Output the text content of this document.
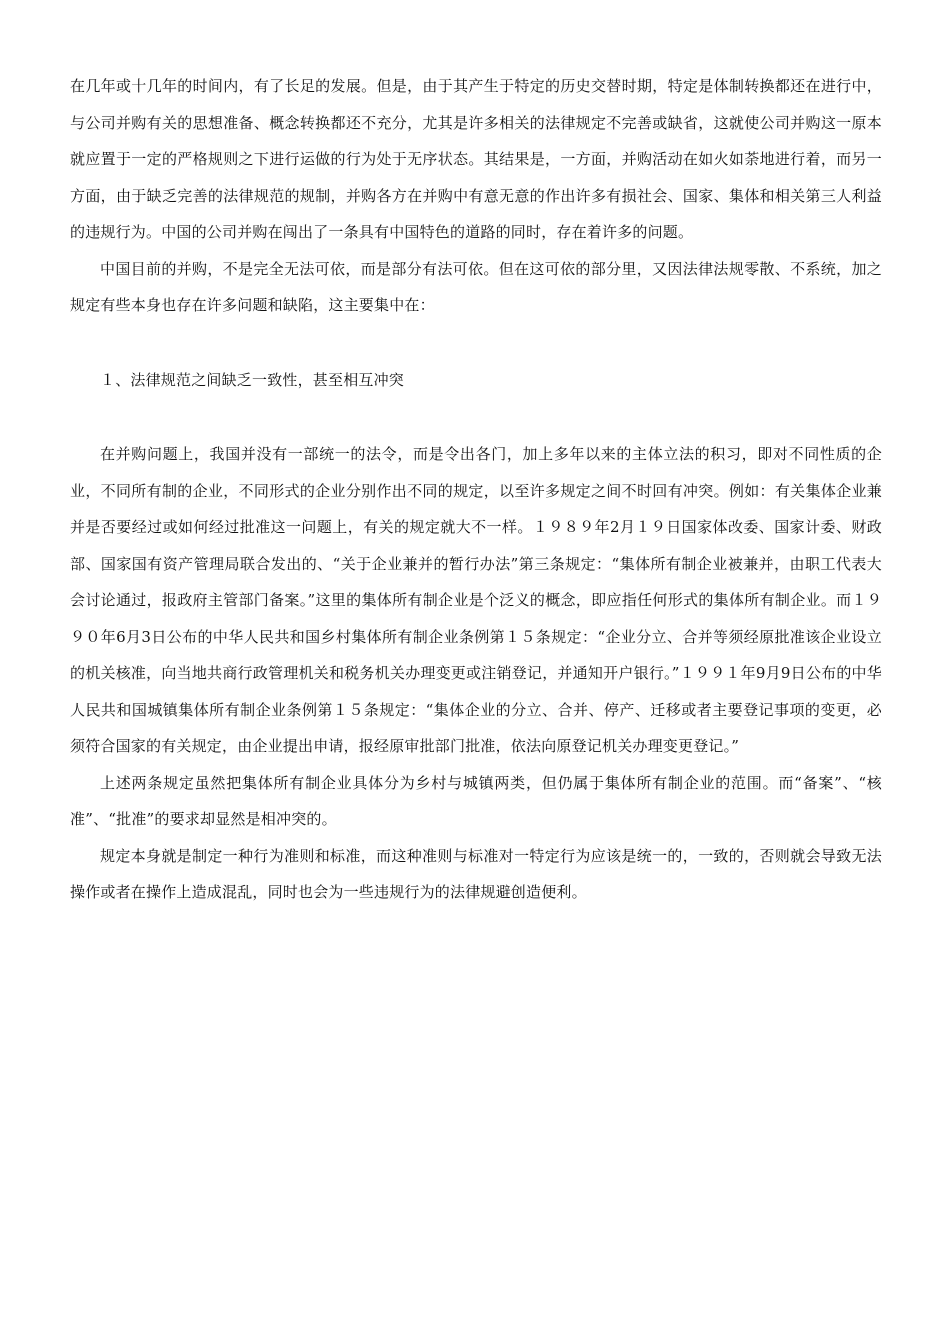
在几年或十几年的时间内，有了长足的发展。但是，由于其产生于特定的历史交替时期，特定是体制转换都还在进行中，与公司并购有关的思想准备、概念转换都还不充分，尤其是许多相关的法律规定不完善或缺省，这就使公司并购这一原本就应置于一定的严格规则之下进行运做的行为处于无序状态。其结果是，一方面，并购活动在如火如荼地进行着，而另一方面，由于缺乏完善的法律规范的规制，并购各方在并购中有意无意的作出许多有损社会、国家、集体和相关第三人利益的违规行为。中国的公司并购在闯出了一条具有中国特色的道路的同时，存在着许多的问题。

中国目前的并购，不是完全无法可依，而是部分有法可依。但在这可依的部分里，又因法律法规零散、不系统，加之规定有些本身也存在许多问题和缺陷，这主要集中在：

１、法律规范之间缺乏一致性，甚至相互冲突

在并购问题上，我国并没有一部统一的法令，而是令出各门，加上多年以来的主体立法的积习，即对不同性质的企业，不同所有制的企业，不同形式的企业分别作出不同的规定，以至许多规定之间不时回有冲突。例如：有关集体企业兼并是否要经过或如何经过批准这一问题上，有关的规定就大不一样。１９８９年2月１９日国家体改委、国家计委、财政部、国家国有资产管理局联合发出的、“关于企业兼并的暂行办法”第三条规定：“集体所有制企业被兼并，由职工代表大会讨论通过，报政府主管部门备案。”这里的集体所有制企业是个泛义的概念，即应指任何形式的集体所有制企业。而１９９０年6月3日公布的中华人民共和国乡村集体所有制企业条例第１５条规定：“企业分立、合并等须经原批准该企业设立的机关核准，向当地共商行政管理机关和税务机关办理变更或注销登记，并通知开户银行。”１９９１年9月9日公布的中华人民共和国城镇集体所有制企业条例第１５条规定：“集体企业的分立、合并、停产、迁移或者主要登记事项的变更，必须符合国家的有关规定，由企业提出申请，报经原审批部门批准，依法向原登记机关办理变更登记。”

上述两条规定虽然把集体所有制企业具体分为乡村与城镇两类，但仍属于集体所有制企业的范围。而“备案”、“核准”、“批准”的要求却显然是相冲突的。

规定本身就是制定一种行为准则和标准，而这种准则与标准对一特定行为应该是统一的，一致的，否则就会导致无法操作或者在操作上造成混乱，同时也会为一些违规行为的法律规避创造便利。
